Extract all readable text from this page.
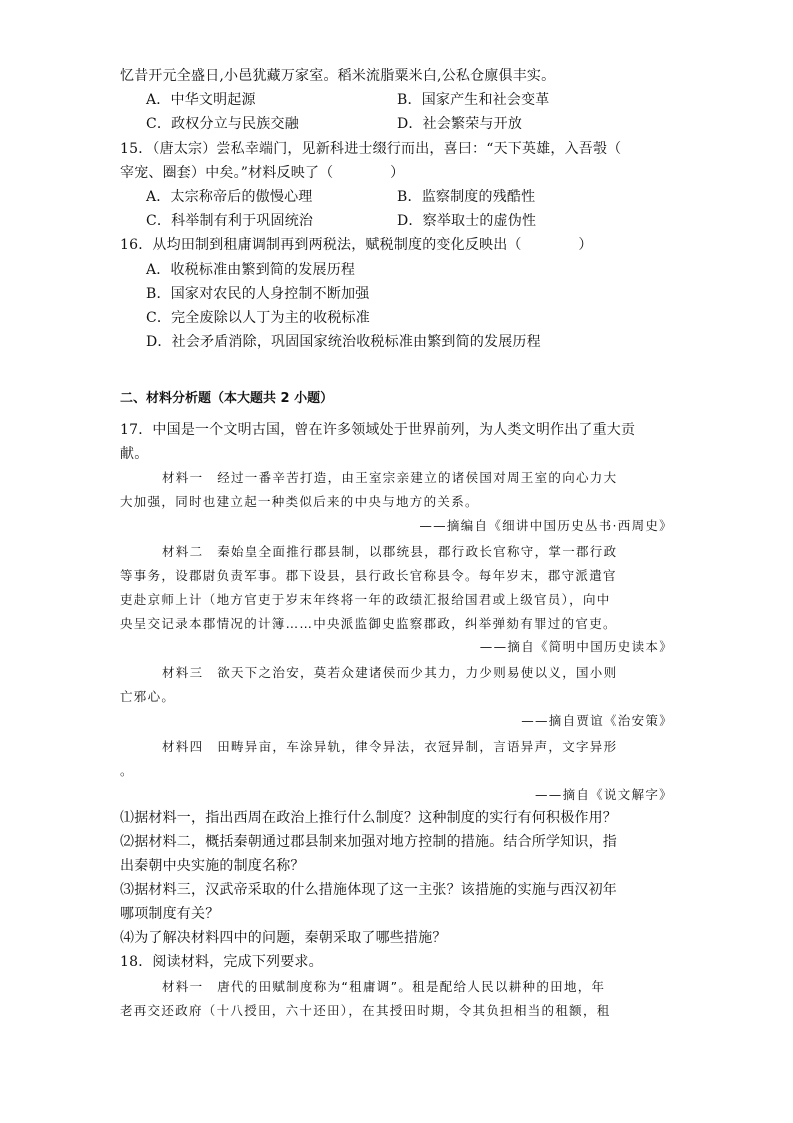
忆昔开元全盛日,小邑犹藏万家室。稻米流脂粟米白,公私仓廪俱丰实。
A．中华文明起源	B．国家产生和社会变革
C．政权分立与民族交融	D．社会繁荣与开放
15．（唐太宗）尝私幸端门，见新科进士缀行而出，喜曰：“天下英雄，入吾彀（
宰宠、圈套）中矣。”材料反映了（　　　　）
A．太宗称帝后的傲慢心理	B．监察制度的残酷性
C．科举制有利于巩固统治	D．察举取士的虚伪性
16．从均田制到租庸调制再到两税法，赋税制度的变化反映出（　　　　）
A．收税标准由繁到简的发展历程
B．国家对农民的人身控制不断加强
C．完全废除以人丁为主的收税标准
D．社会矛盾消除，巩固国家统治收税标准由繁到简的发展历程
二、材料分析题（本大题共 2 小题）
17．中国是一个文明古国，曾在许多领域处于世界前列，为人类文明作出了重大贡
献。
材料一　经过一番辛苦打造，由王室宗亲建立的诸侯国对周王室的向心力大
大加强，同时也建立起一种类似后来的中央与地方的关系。
——摘编自《细讲中国历史丛书·西周史》
材料二　秦始皇全面推行郡县制，以郡统县，郡行政长官称守，掌一郡行政
等事务，设郡尉负责军事。郡下设县，县行政长官称县令。每年岁末，郡守派遣官
吏赴京师上计（地方官吏于岁末年终将一年的政绩汇报给国君或上级官员），向中
央呈交记录本郡情况的计簿……中央派监御史监察郡政，纠举弹劾有罪过的官吏。
——摘自《简明中国历史读本》
材料三　欲天下之治安，莫若众建诸侯而少其力，力少则易使以义，国小则
亡邪心。
——摘自贾谊《治安策》
材料四　田畴异亩，车涂异轨，律令异法，衣冠异制，言语异声，文字异形
。
——摘自《说文解字》
⑴据材料一，指出西周在政治上推行什么制度？这种制度的实行有何积极作用？
⑵据材料二，概括秦朝通过郡县制来加强对地方控制的措施。结合所学知识，指
出秦朝中央实施的制度名称？
⑶据材料三，汉武帝采取的什么措施体现了这一主张？该措施的实施与西汉初年
哪项制度有关？
⑷为了解决材料四中的问题，秦朝采取了哪些措施？
18．阅读材料，完成下列要求。
材料一　唐代的田赋制度称为“租庸调”。租是配给人民以耕种的田地，年
老再交还政府（十八授田，六十还田），在其授田时期，令其负担相当的租额，租
